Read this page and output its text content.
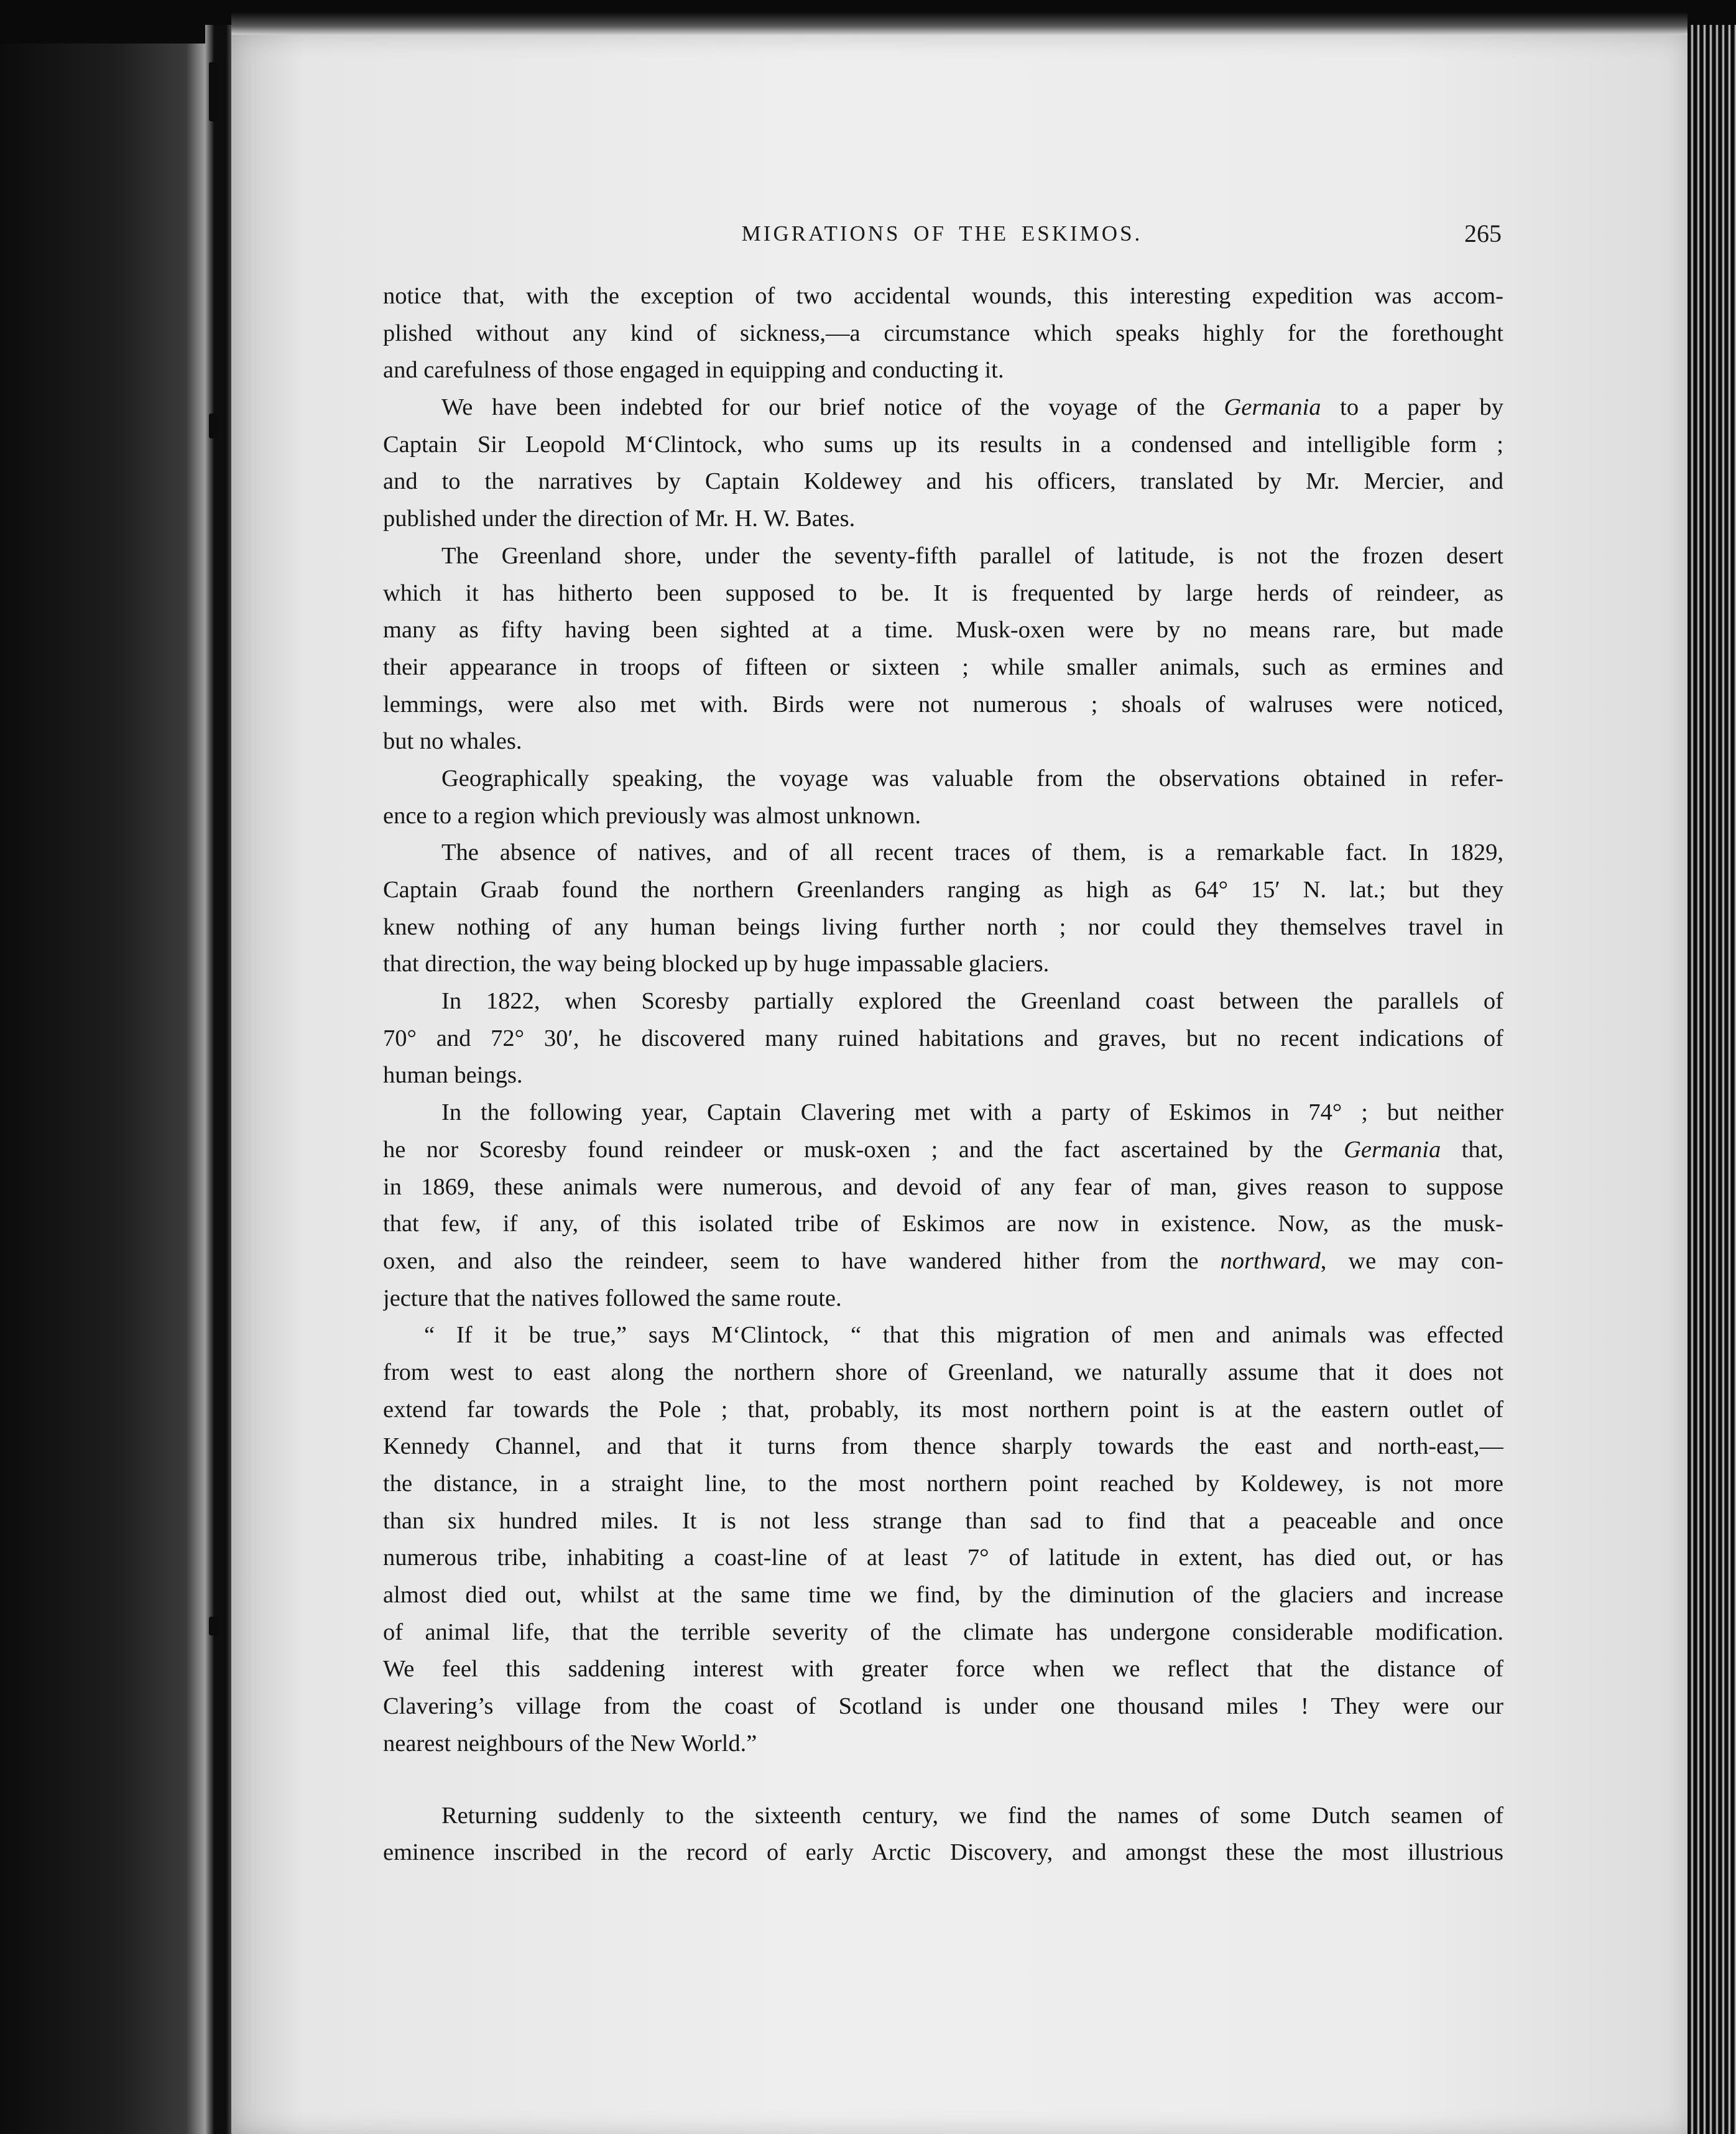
MIGRATIONS OF THE ESKIMOS.	265
notice that, with the exception of two accidental wounds, this interesting expedition was accom-
plished without any kind of sickness,—a circumstance which speaks highly for the forethought
and carefulness of those engaged in equipping and conducting it.
We have been indebted for our brief notice of the voyage of the Germania to a paper by
Captain Sir Leopold M‘Clintock, who sums up its results in a condensed and intelligible form ;
and to the narratives by Captain Koldewey and his officers, translated by Mr. Mercier, and
published under the direction of Mr. H. W. Bates.
The Greenland shore, under the seventy-fifth parallel of latitude, is not the frozen desert
which it has hitherto been supposed to be. It is frequented by large herds of reindeer, as
many as fifty having been sighted at a time. Musk-oxen were by no means rare, but made
their appearance in troops of fifteen or sixteen ; while smaller animals, such as ermines and
lemmings, were also met with. Birds were not numerous ; shoals of walruses were noticed,
but no whales.
Geographically speaking, the voyage was valuable from the observations obtained in refer-
ence to a region which previously was almost unknown.
The absence of natives, and of all recent traces of them, is a remarkable fact. In 1829,
Captain Graab found the northern Greenlanders ranging as high as 64° 15′ N. lat.; but they
knew nothing of any human beings living further north ; nor could they themselves travel in
that direction, the way being blocked up by huge impassable glaciers.
In 1822, when Scoresby partially explored the Greenland coast between the parallels of
70° and 72° 30′, he discovered many ruined habitations and graves, but no recent indications of
human beings.
In the following year, Captain Clavering met with a party of Eskimos in 74° ; but neither
he nor Scoresby found reindeer or musk-oxen ; and the fact ascertained by the Germania that,
in 1869, these animals were numerous, and devoid of any fear of man, gives reason to suppose
that few, if any, of this isolated tribe of Eskimos are now in existence. Now, as the musk-
oxen, and also the reindeer, seem to have wandered hither from the northward, we may con-
jecture that the natives followed the same route.
“ If it be true,” says M‘Clintock, “ that this migration of men and animals was effected
from west to east along the northern shore of Greenland, we naturally assume that it does not
extend far towards the Pole ; that, probably, its most northern point is at the eastern outlet of
Kennedy Channel, and that it turns from thence sharply towards the east and north-east,—
the distance, in a straight line, to the most northern point reached by Koldewey, is not more
than six hundred miles. It is not less strange than sad to find that a peaceable and once
numerous tribe, inhabiting a coast-line of at least 7° of latitude in extent, has died out, or has
almost died out, whilst at the same time we find, by the diminution of the glaciers and increase
of animal life, that the terrible severity of the climate has undergone considerable modification.
We feel this saddening interest with greater force when we reflect that the distance of
Clavering’s village from the coast of Scotland is under one thousand miles ! They were our
nearest neighbours of the New World.”
Returning suddenly to the sixteenth century, we find the names of some Dutch seamen of
eminence inscribed in the record of early Arctic Discovery, and amongst these the most illustrious
